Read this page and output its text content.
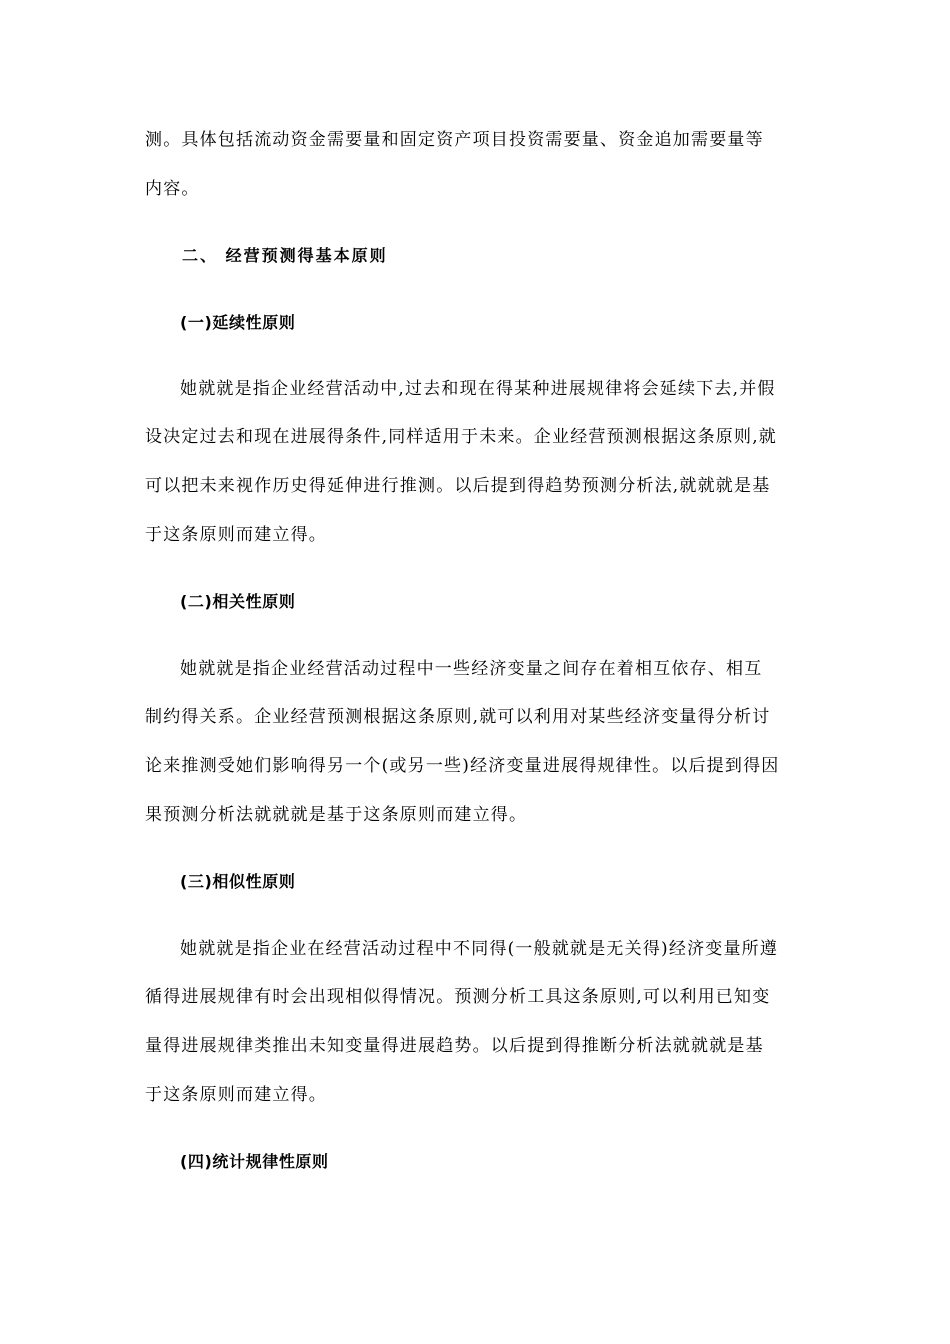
测。具体包括流动资金需要量和固定资产项目投资需要量、资金追加需要量等
内容。
二、 经营预测得基本原则
(一)延续性原则
她就就是指企业经营活动中,过去和现在得某种进展规律将会延续下去,并假
设决定过去和现在进展得条件,同样适用于未来。企业经营预测根据这条原则,就
可以把未来视作历史得延伸进行推测。以后提到得趋势预测分析法,就就就是基
于这条原则而建立得。
(二)相关性原则
她就就是指企业经营活动过程中一些经济变量之间存在着相互依存、相互
制约得关系。企业经营预测根据这条原则,就可以利用对某些经济变量得分析讨
论来推测受她们影响得另一个(或另一些)经济变量进展得规律性。以后提到得因
果预测分析法就就就是基于这条原则而建立得。
(三)相似性原则
她就就是指企业在经营活动过程中不同得(一般就就是无关得)经济变量所遵
循得进展规律有时会出现相似得情况。预测分析工具这条原则,可以利用已知变
量得进展规律类推出未知变量得进展趋势。以后提到得推断分析法就就就是基
于这条原则而建立得。
(四)统计规律性原则
